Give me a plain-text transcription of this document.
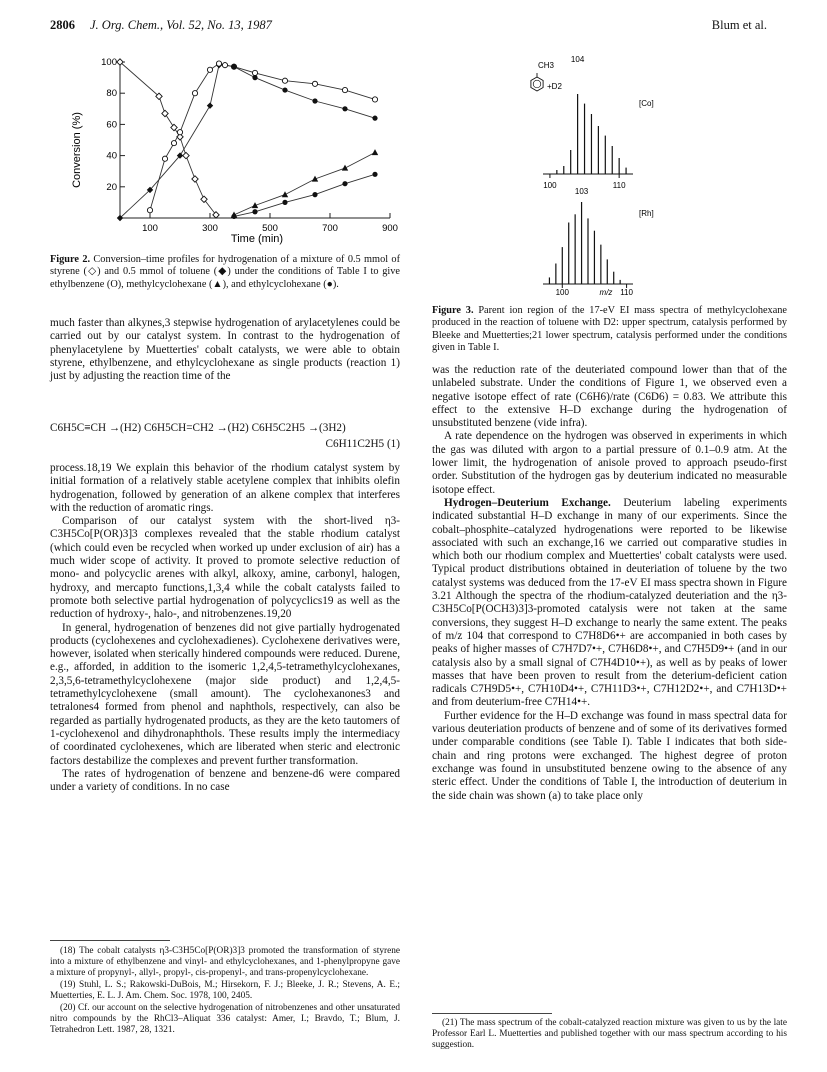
2806 J. Org. Chem., Vol. 52, No. 13, 1987	Blum et al.
100	300	500	700	900
100
80
60
40
20
Conversion (%)
Time (min)
Figure 2. Conversion–time profiles for hydrogenation of a mixture of 0.5 mmol of styrene (◇) and 0.5 mmol of toluene (◆) under the conditions of Table I to give ethylbenzene (O), methylcyclohexane (▲), and ethylcyclohexane (●).
CH3
+D2
100	110
104
[Co]
100	110
103
[Rh]
m/z
Figure 3. Parent ion region of the 17-eV EI mass spectra of methylcyclohexane produced in the reaction of toluene with D2: upper spectrum, catalysis performed by Bleeke and Muetterties;21 lower spectrum, catalysis performed under the conditions given in Table I.

much faster than alkynes,3 stepwise hydrogenation of arylacetylenes could be carried out by our catalyst system. In contrast to the hydrogenation of phenylacetylene by Muetterties' cobalt catalysts, we were able to obtain styrene, ethylbenzene, and ethylcyclohexane as single products (reaction 1) just by adjusting the reaction time of the

C6H5C≡CH →(H2) C6H5CH=CH2 →(H2) C6H5C2H5 →(3H2)
C6H11C2H5 (1)

process.18,19 We explain this behavior of the rhodium catalyst system by initial formation of a relatively stable acetylene complex that inhibits olefin hydrogenation, followed by generation of an alkene complex that interferes with the reduction of aromatic rings.

Comparison of our catalyst system with the short-lived η3-C3H5Co[P(OR)3]3 complexes revealed that the stable rhodium catalyst (which could even be recycled when worked up under exclusion of air) has a much wider scope of activity. It proved to promote selective reduction of mono- and polycyclic arenes with alkyl, alkoxy, amine, carbonyl, halogen, hydroxy, and mercapto functions,1,3,4 while the cobalt catalysts failed to promote both selective partial hydrogenation of polycyclics19 as well as the reduction of hydroxy-, halo-, and nitrobenzenes.19,20

In general, hydrogenation of benzenes did not give partially hydrogenated products (cyclohexenes and cyclohexadienes). Cyclohexene derivatives were, however, isolated when sterically hindered compounds were reduced. Durene, e.g., afforded, in addition to the isomeric 1,2,4,5-tetramethylcyclohexanes, 2,3,5,6-tetramethylcyclohexene (major side product) and 1,2,4,5-tetramethylcyclohexene (small amount). The cyclohexanones3 and tetralones4 formed from phenol and naphthols, respectively, can also be regarded as partially hydrogenated products, as they are the keto tautomers of 1-cyclohexenol and dihydronaphthols. These results imply the intermediacy of coordinated cyclohexenes, which are liberated when steric and electronic factors destabilize the complexes and prevent further transformation.

The rates of hydrogenation of benzene and benzene-d6 were compared under a variety of conditions. In no case

(18) The cobalt catalysts η3-C3H5Co[P(OR)3]3 promoted the transformation of styrene into a mixture of ethylbenzene and vinyl- and ethylcyclohexanes, and 1-phenylpropyne gave a mixture of propynyl-, allyl-, propyl-, cis-propenyl-, and trans-propenylcyclohexane.

(19) Stuhl, L. S.; Rakowski-DuBois, M.; Hirsekorn, F. J.; Bleeke, J. R.; Stevens, A. E.; Muetterties, E. L. J. Am. Chem. Soc. 1978, 100, 2405.

(20) Cf. our account on the selective hydrogenation of nitrobenzenes and other unsaturated nitro compounds by the RhCl3–Aliquat 336 catalyst: Amer, I.; Bravdo, T.; Blum, J. Tetrahedron Lett. 1987, 28, 1321.

was the reduction rate of the deuteriated compound lower than that of the unlabeled substrate. Under the conditions of Figure 1, we observed even a negative isotope effect of rate (C6H6)/rate (C6D6) = 0.83. We attribute this effect to the extensive H–D exchange during the hydrogenation of unsubstituted benzene (vide infra).

A rate dependence on the hydrogen was observed in experiments in which the gas was diluted with argon to a partial pressure of 0.1–0.9 atm. At the lower limit, the hydrogenation of anisole proved to approach pseudo-first order. Substitution of the hydrogen gas by deuterium indicated no measurable isotope effect.

Hydrogen–Deuterium Exchange. Deuterium labeling experiments indicated substantial H–D exchange in many of our experiments. Since the cobalt–phosphite–catalyzed hydrogenations were reported to be likewise associated with such an exchange,16 we carried out comparative studies in which both our rhodium complex and Muetterties' cobalt catalysts were used. Typical product distributions obtained in deuteriation of toluene by the two catalyst systems was deduced from the 17-eV EI mass spectra shown in Figure 3.21 Although the spectra of the rhodium-catalyzed deuteriation and the η3-C3H5Co[P(OCH3)3]3-promoted catalysis were not taken at the same conversions, they suggest H–D exchange to nearly the same extent. The peaks of m/z 104 that correspond to C7H8D6•+ are accompanied in both cases by peaks of higher masses of C7H7D7•+, C7H6D8•+, and C7H5D9•+ (and in our catalysis also by a small signal of C7H4D10•+), as well as by peaks of lower masses that have been proven to result from the deterium-deficient cation radicals C7H9D5•+, C7H10D4•+, C7H11D3•+, C7H12D2•+, and C7H13D•+ and from deuterium-free C7H14•+.

Further evidence for the H–D exchange was found in mass spectral data for various deuteriation products of benzene and of some of its derivatives formed under comparable conditions (see Table I). Table I indicates that both side-chain and ring protons were exchanged. The highest degree of proton exchange was found in unsubstituted benzene owing to the absence of any steric effect. Under the conditions of Table I, the introduction of deuterium in the side chain was shown (a) to take place only

(21) The mass spectrum of the cobalt-catalyzed reaction mixture was given to us by the late Professor Earl L. Muetterties and published together with our mass spectrum according to his suggestion.
